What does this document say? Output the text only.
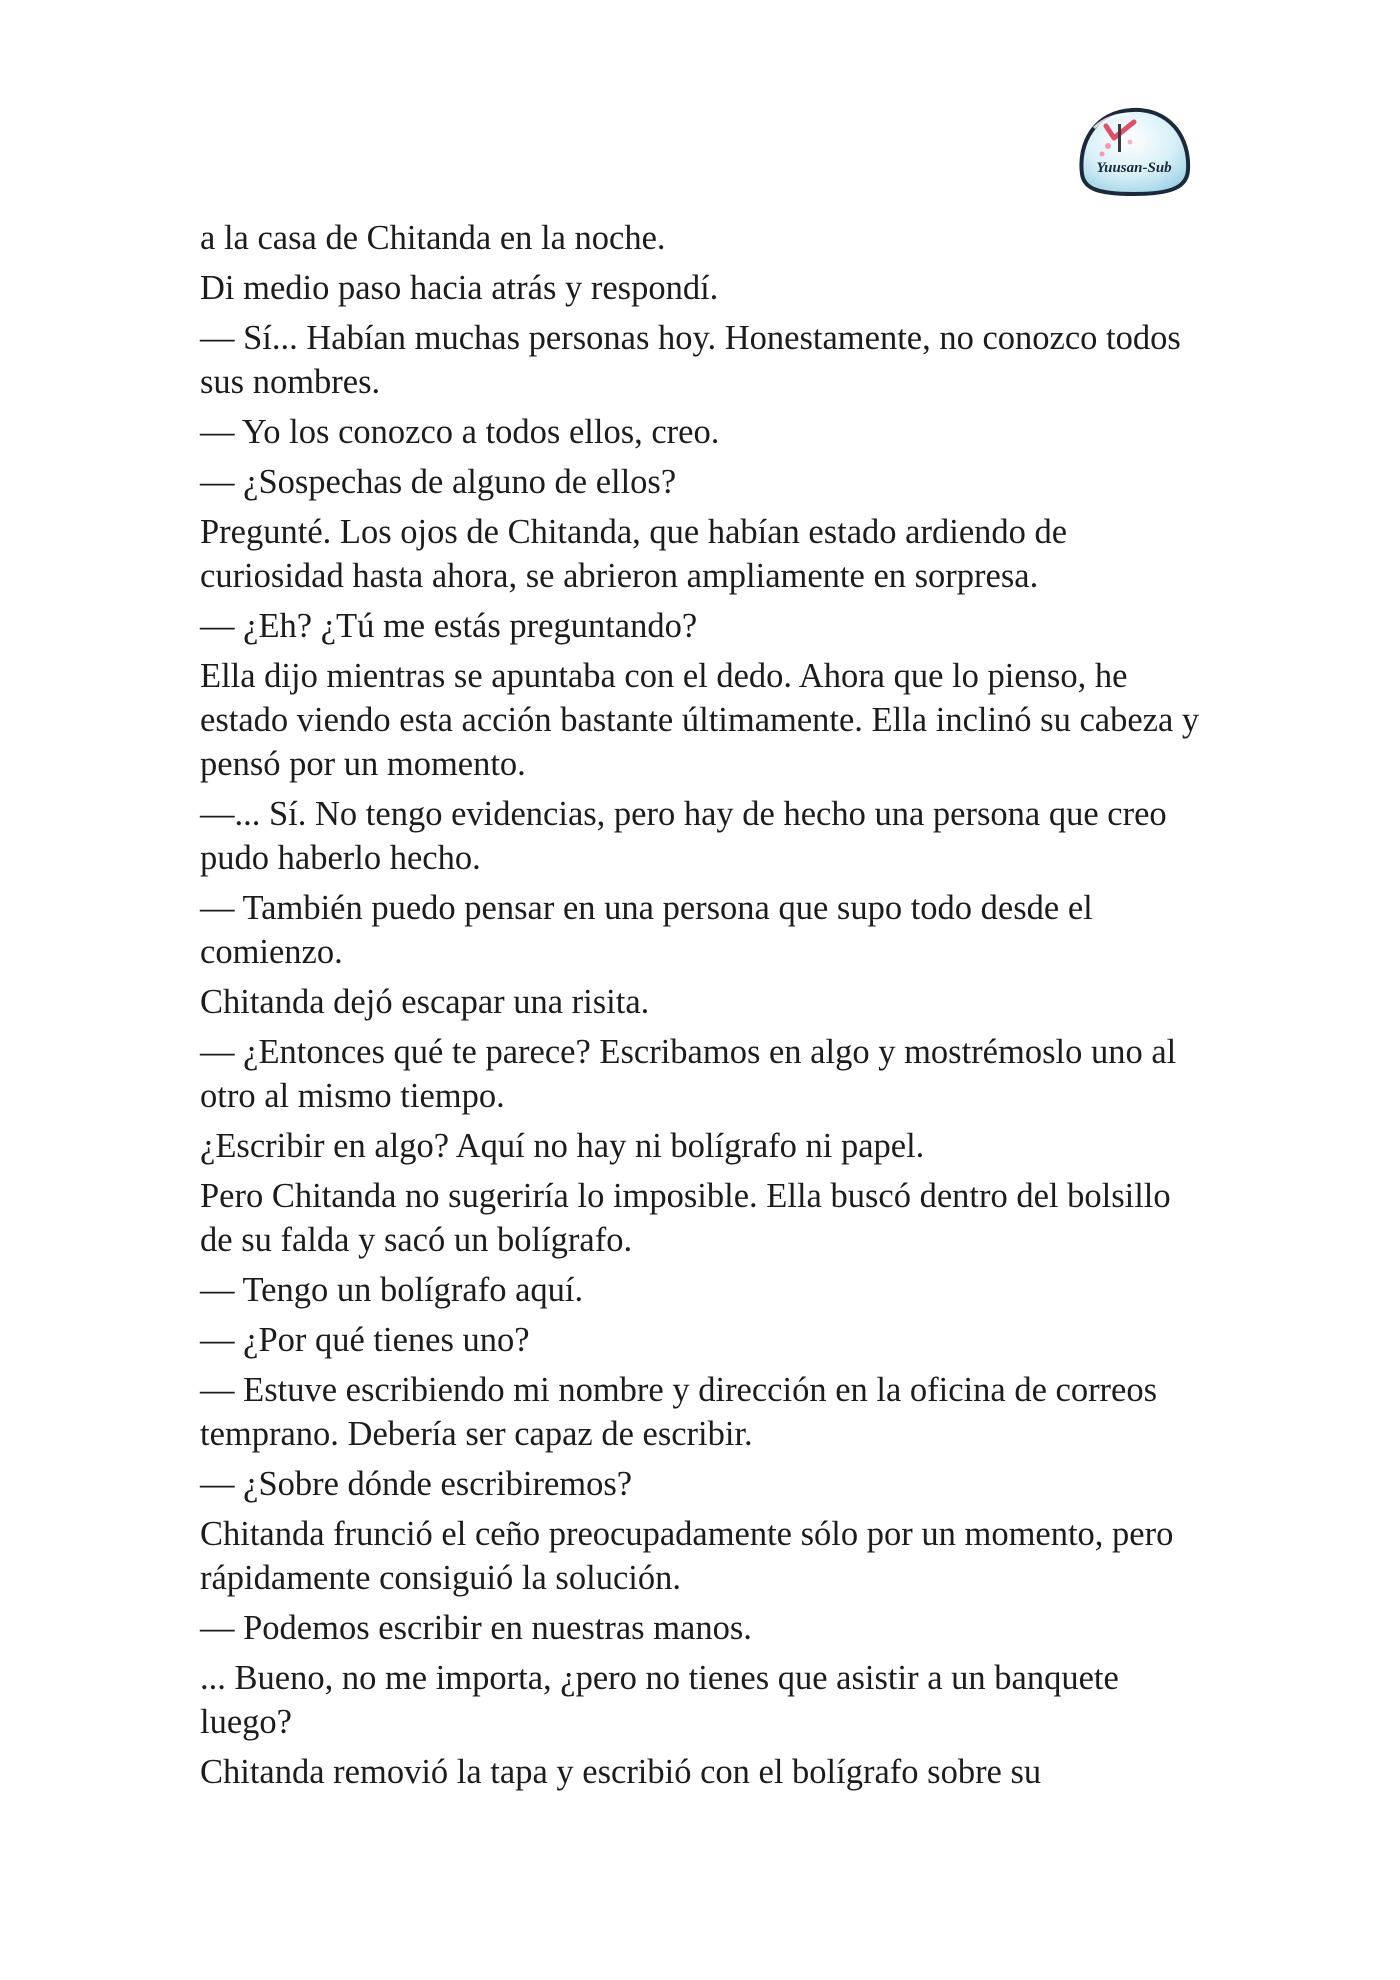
Yuusan-Sub

a la casa de Chitanda en la noche.

Di medio paso hacia atrás y respondí.

— Sí... Habían muchas personas hoy. Honestamente, no conozco todos sus nombres.

— Yo los conozco a todos ellos, creo.

— ¿Sospechas de alguno de ellos?

Pregunté. Los ojos de Chitanda, que habían estado ardiendo de curiosidad hasta ahora, se abrieron ampliamente en sorpresa.

— ¿Eh? ¿Tú me estás preguntando?

Ella dijo mientras se apuntaba con el dedo. Ahora que lo pienso, he estado viendo esta acción bastante últimamente. Ella inclinó su cabeza y pensó por un momento.

—... Sí. No tengo evidencias, pero hay de hecho una persona que creo pudo haberlo hecho.

— También puedo pensar en una persona que supo todo desde el comienzo.

Chitanda dejó escapar una risita.

— ¿Entonces qué te parece? Escribamos en algo y mostrémoslo uno al otro al mismo tiempo.

¿Escribir en algo? Aquí no hay ni bolígrafo ni papel.

Pero Chitanda no sugeriría lo imposible. Ella buscó dentro del bolsillo de su falda y sacó un bolígrafo.

— Tengo un bolígrafo aquí.

— ¿Por qué tienes uno?

— Estuve escribiendo mi nombre y dirección en la oficina de correos temprano. Debería ser capaz de escribir.

— ¿Sobre dónde escribiremos?

Chitanda frunció el ceño preocupadamente sólo por un momento, pero rápidamente consiguió la solución.

— Podemos escribir en nuestras manos.

... Bueno, no me importa, ¿pero no tienes que asistir a un banquete luego?

Chitanda removió la tapa y escribió con el bolígrafo sobre su
